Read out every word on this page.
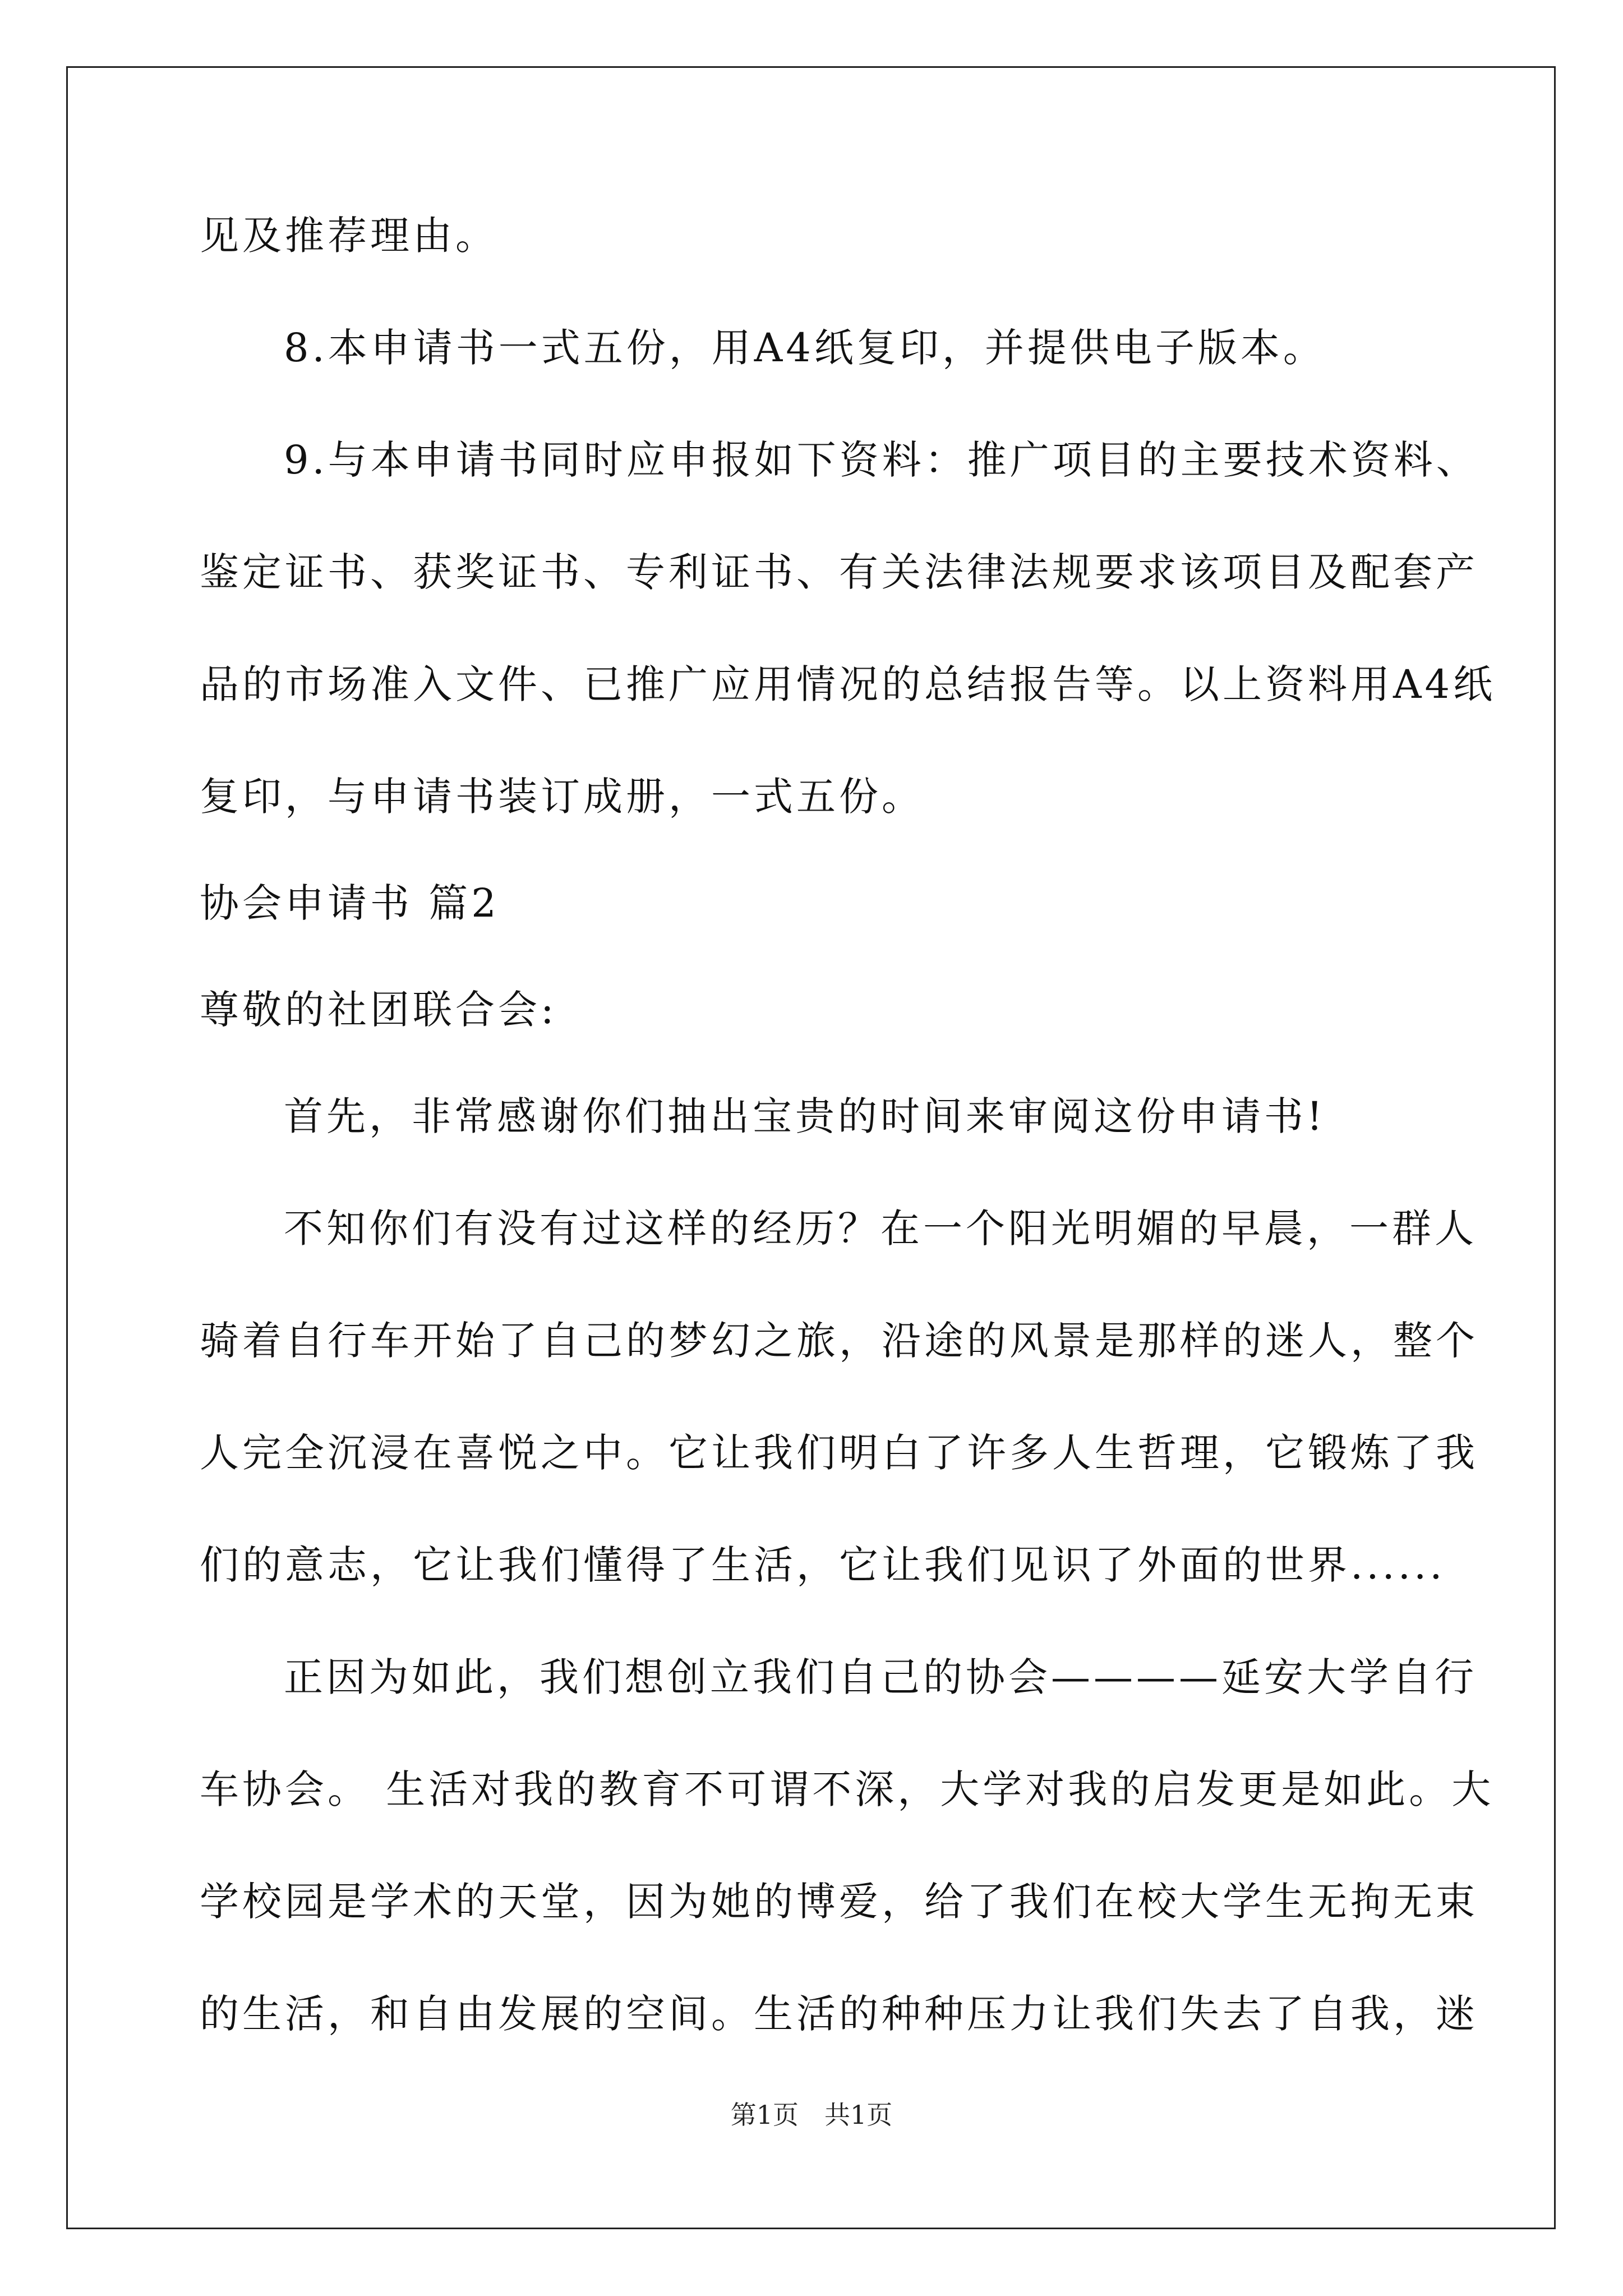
见及推荐理由。
8.本申请书一式五份，用A4纸复印，并提供电子版本。
9.与本申请书同时应申报如下资料：推广项目的主要技术资料、
鉴定证书、获奖证书、专利证书、有关法律法规要求该项目及配套产
品的市场准入文件、已推广应用情况的总结报告等。以上资料用A4纸
复印，与申请书装订成册，一式五份。
协会申请书 篇2
尊敬的社团联合会:
首先，非常感谢你们抽出宝贵的时间来审阅这份申请书!
不知你们有没有过这样的经历？在一个阳光明媚的早晨，一群人
骑着自行车开始了自己的梦幻之旅，沿途的风景是那样的迷人，整个
人完全沉浸在喜悦之中。它让我们明白了许多人生哲理，它锻炼了我
们的意志，它让我们懂得了生活，它让我们见识了外面的世界......
正因为如此，我们想创立我们自己的协会————延安大学自行
车协会。 生活对我的教育不可谓不深，大学对我的启发更是如此。大
学校园是学术的天堂，因为她的博爱，给了我们在校大学生无拘无束
的生活，和自由发展的空间。生活的种种压力让我们失去了自我，迷
第1页　共1页
